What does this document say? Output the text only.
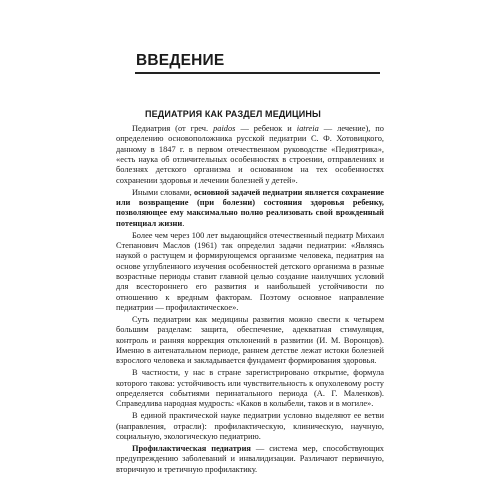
ВВЕДЕНИЕ
ПЕДИАТРИЯ КАК РАЗДЕЛ МЕДИЦИНЫ

Педиатрия (от греч. paidos — ребенок и iatreia — лечение), по определению основоположника русской педиатрии С. Ф. Хотовицкого, данному в 1847 г. в первом отечественном руководстве «Педиятрика», «есть наука об отличительных особенностях в строении, отправлениях и болезнях детского организма и основанном на тех особенностях сохранении здоровья и лечении болезней у детей».

Иными словами, основной задачей педиатрии является сохранение или возвращение (при болезни) состояния здоровья ребенку, позволяющее ему максимально полно реализовать свой врожденный потенциал жизни.

Более чем через 100 лет выдающийся отечественный педиатр Михаил Степанович Маслов (1961) так определил задачи педиатрии: «Являясь наукой о растущем и формирующемся организме человека, педиатрия на основе углубленного изучения особенностей детского организма в разные возрастные периоды ставит главной целью создание наилучших условий для всестороннего его развития и наибольшей устойчивости по отношению к вредным факторам. Поэтому основное направление педиатрии — профилактическое».

Суть педиатрии как медицины развития можно свести к четырем большим разделам: защита, обеспечение, адекватная стимуляция, контроль и ранняя коррекция отклонений в развитии (И. М. Воронцов). Именно в антенатальном периоде, раннем детстве лежат истоки болезней взрослого человека и закладывается фундамент формирования здоровья.

В частности, у нас в стране зарегистрировано открытие, формула которого такова: устойчивость или чувствительность к опухолевому росту определяется событиями перинатального периода (А. Г. Маленков). Справедлива народная мудрость: «Каков в колыбели, таков и в могиле».

В единой практической науке педиатрии условно выделяют ее ветви (направления, отрасли): профилактическую, клиническую, научную, социальную, экологическую педиатрию.

Профилактическая педиатрия — система мер, способствующих предупреждению заболеваний и инвалидизации. Различают первичную, вторичную и третичную профилактику.
